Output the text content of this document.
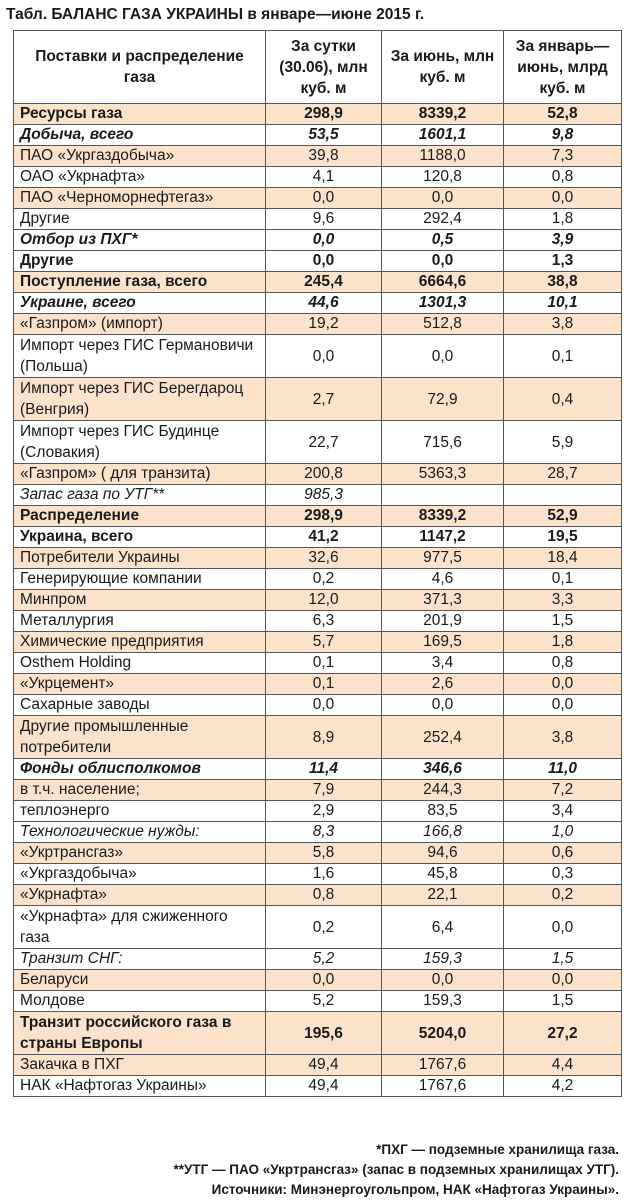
Табл. БАЛАНС ГАЗА УКРАИНЫ в январе—июне 2015 г.
Поставки и распределение газа	За сутки (30.06), млн куб. м	За июнь, млн куб. м	За январь—июнь, млрд куб. м
Ресурсы газа	298,9	8339,2	52,8
Добыча, всего	53,5	1601,1	9,8
ПАО «Укргаздобыча»	39,8	1188,0	7,3
ОАО «Укрнафта»	4,1	120,8	0,8
ПАО «Черноморнефтегаз»	0,0	0,0	0,0
Другие	9,6	292,4	1,8
Отбор из ПХГ*	0,0	0,5	3,9
Другие	0,0	0,0	1,3
Поступление газа, всего	245,4	6664,6	38,8
Украине, всего	44,6	1301,3	10,1
«Газпром» (импорт)	19,2	512,8	3,8
Импорт через ГИС Германовичи (Польша)	0,0	0,0	0,1
Импорт через ГИС Берегдароц (Венгрия)	2,7	72,9	0,4
Импорт через ГИС Будинце (Словакия)	22,7	715,6	5,9
«Газпром» ( для транзита)	200,8	5363,3	28,7
Запас газа по УТГ**	985,3		
Распределение	298,9	8339,2	52,9
Украина, всего	41,2	1147,2	19,5
Потребители Украины	32,6	977,5	18,4
Генерирующие компании	0,2	4,6	0,1
Минпром	12,0	371,3	3,3
Металлургия	6,3	201,9	1,5
Химические предприятия	5,7	169,5	1,8
Osthem Holding	0,1	3,4	0,8
«Укрцемент»	0,1	2,6	0,0
Сахарные заводы	0,0	0,0	0,0
Другие промышленные потребители	8,9	252,4	3,8
Фонды облисполкомов	11,4	346,6	11,0
в т.ч. население;	7,9	244,3	7,2
теплоэнерго	2,9	83,5	3,4
Технологические нужды:	8,3	166,8	1,0
«Укртрансгаз»	5,8	94,6	0,6
«Укргаздобыча»	1,6	45,8	0,3
«Укрнафта»	0,8	22,1	0,2
«Укрнафта» для сжиженного газа	0,2	6,4	0,0
Транзит СНГ:	5,2	159,3	1,5
Беларуси	0,0	0,0	0,0
Молдове	5,2	159,3	1,5
Транзит российского газа в страны Европы	195,6	5204,0	27,2
Закачка в ПХГ	49,4	1767,6	4,4
НАК «Нафтогаз Украины»	49,4	1767,6	4,2
*ПХГ — подземные хранилища газа.
**УТГ — ПАО «Укртрансгаз» (запас в подземных хранилищах УТГ).
Источники: Минэнергоугольпром, НАК «Нафтогаз Украины».
